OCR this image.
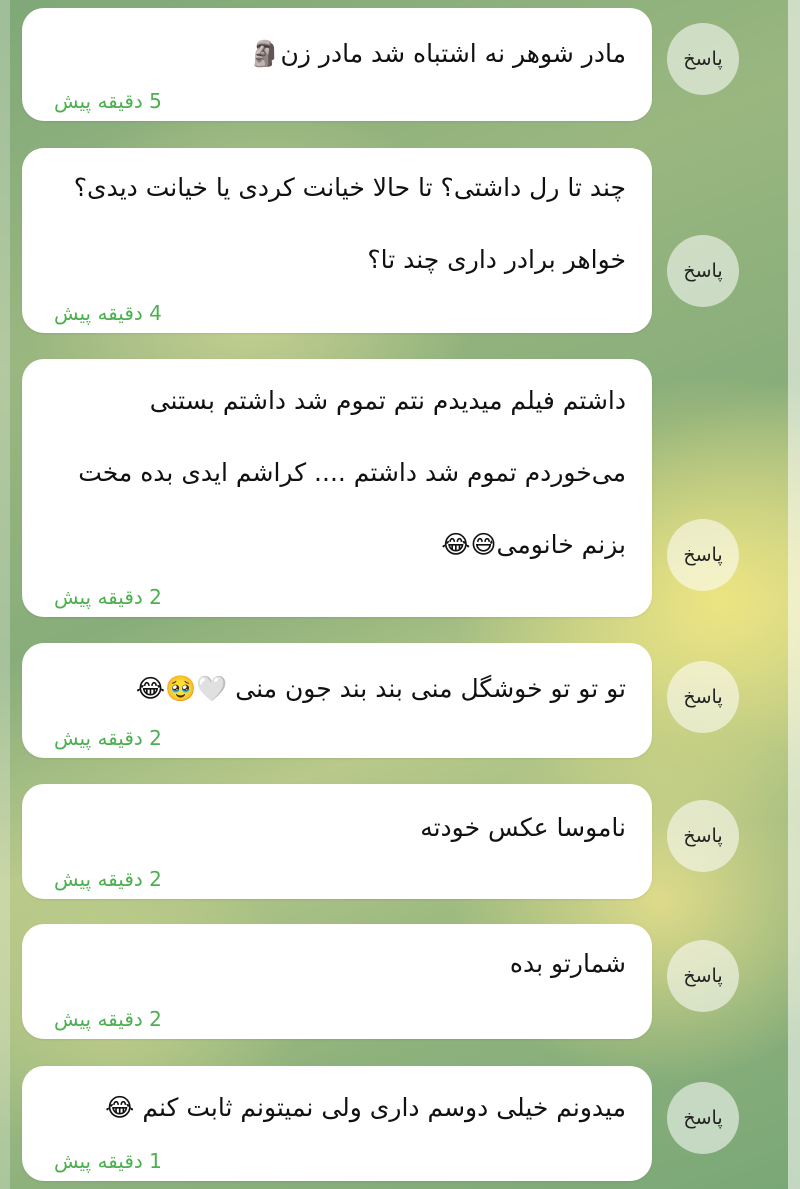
مادر شوهر نه اشتباه شد مادر زن🗿
5 دقیقه پیش
پاسخ
چند تا رل داشتی؟ تا حالا خیانت کردی یا خیانت دیدی؟ خواهر برادر داری چند تا؟
4 دقیقه پیش
پاسخ
داشتم فیلم میدیدم نتم تموم شد داشتم بستنی می‌خوردم تموم شد داشتم .... کراشم ایدی بده مخت بزنم خانومی😅😂
2 دقیقه پیش
پاسخ
تو تو تو خوشگل منی بند بند جون منی 🤍🥹😂
2 دقیقه پیش
پاسخ
ناموسا عکس خودته
2 دقیقه پیش
پاسخ
شمارتو بده
2 دقیقه پیش
پاسخ
میدونم خیلی دوسم داری ولی نمیتونم ثابت کنم 😂
1 دقیقه پیش
پاسخ
